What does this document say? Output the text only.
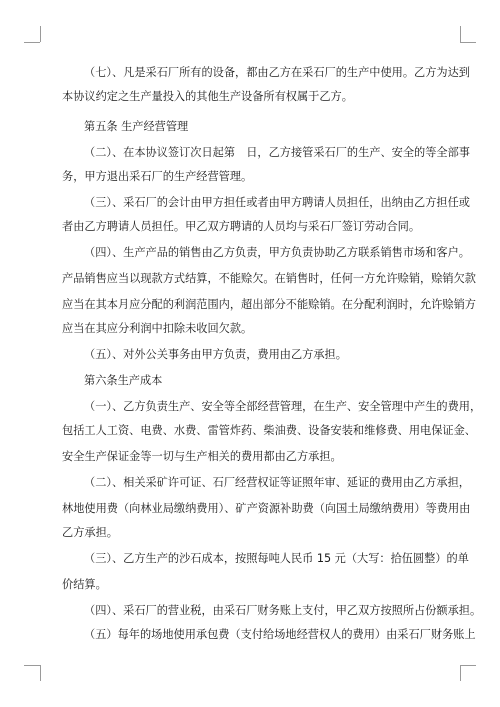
（七）、凡是采石厂所有的设备，都由乙方在采石厂的生产中使用。乙方为达到

本协议约定之生产量投入的其他生产设备所有权属于乙方。

第五条 生产经营管理

（二）、在本协议签订次日起第　日，乙方接管采石厂的生产、安全的等全部事

务，甲方退出采石厂的生产经营管理。

（三）、采石厂的会计由甲方担任或者由甲方聘请人员担任，出纳由乙方担任或

者由乙方聘请人员担任。甲乙双方聘请的人员均与采石厂签订劳动合同。

（四）、生产产品的销售由乙方负责，甲方负责协助乙方联系销售市场和客户。

产品销售应当以现款方式结算，不能赊欠。在销售时，任何一方允许赊销，赊销欠款

应当在其本月应分配的利润范围内，超出部分不能赊销。在分配利润时，允许赊销方

应当在其应分利润中扣除未收回欠款。

（五）、对外公关事务由甲方负责，费用由乙方承担。

第六条生产成本

（一）、乙方负责生产、安全等全部经营管理，在生产、安全管理中产生的费用，

包括工人工资、电费、水费、雷管炸药、柴油费、设备安装和维修费、用电保证金、

安全生产保证金等一切与生产相关的费用都由乙方承担。

（二）、相关采矿许可证、石厂经营权证等证照年审、延证的费用由乙方承担，

林地使用费（向林业局缴纳费用）、矿产资源补助费（向国土局缴纳费用）等费用由

乙方承担。

（三）、乙方生产的沙石成本，按照每吨人民币 15 元（大写：拾伍圆整）的单

价结算。

（四）、采石厂的营业税，由采石厂财务账上支付，甲乙双方按照所占份额承担。

（五）每年的场地使用承包费（支付给场地经营权人的费用）由采石厂财务账上
